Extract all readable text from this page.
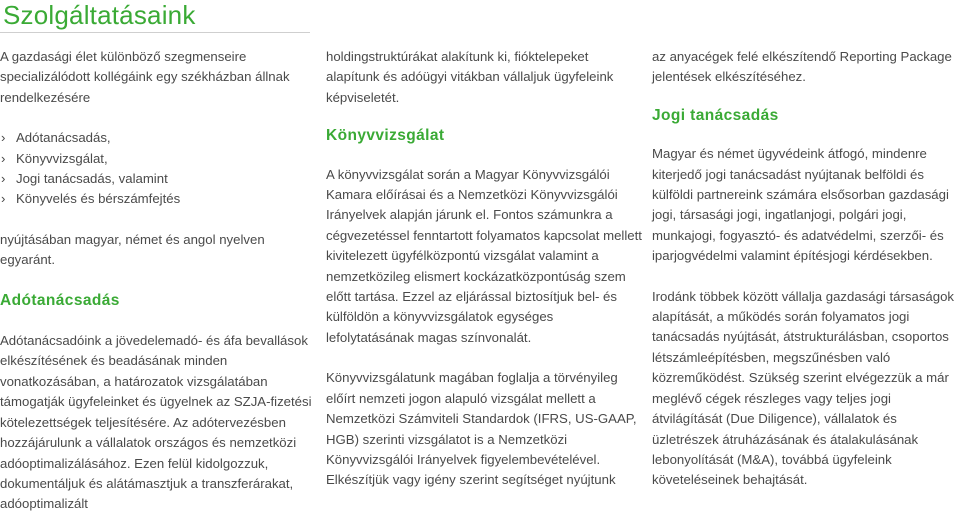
Szolgáltatásaink

A gazdasági élet különböző szegmenseire specializálódott kollégáink egy székházban állnak rendelkezésére

› Adótanácsadás,
› Könyvvizsgálat,
› Jogi tanácsadás, valamint
› Könyvelés és bérszámfejtés

nyújtásában magyar, német és angol nyelven egyaránt.

Adótanácsadás

Adótanácsadóink a jövedelemadó- és áfa bevallások elkészítésének és beadásának minden vonatkozásában, a határozatok vizsgálatában támogatják ügyfeleinket és ügyelnek az SZJA-fizetési kötelezettségek teljesítésére. Az adótervezésben hozzájárulunk a vállalatok országos és nemzetközi adóoptimalizálásához. Ezen felül kidolgozzuk, dokumentáljuk és alátámasztjuk a transzferárakat, adóoptimalizált

holdingstruktúrákat alakítunk ki, fióktelepeket alapítunk és adóügyi vitákban vállaljuk ügyfeleink képviseletét.

Könyvvizsgálat

A könyvvizsgálat során a Magyar Könyvvizsgálói Kamara előírásai és a Nemzetközi Könyvvizsgálói Irányelvek alapján járunk el. Fontos számunkra a cégvezetéssel fenntartott folyamatos kapcsolat mellett kivitelezett ügyfélközpontú vizsgálat valamint a nemzetközileg elismert kockázatközpontúság szem előtt tartása. Ezzel az eljárással biztosítjuk bel- és külföldön a könyvvizsgálatok egységes lefolytatásának magas színvonalát.

Könyvvizsgálatunk magában foglalja a törvényileg előírt nemzeti jogon alapuló vizsgálat mellett a Nemzetközi Számviteli Standardok (IFRS, US-GAAP, HGB) szerinti vizsgálatot is a Nemzetközi Könyvvizsgálói Irányelvek figyelembevételével. Elkészítjük vagy igény szerint segítséget nyújtunk

az anyacégek felé elkészítendő Reporting Package jelentések elkészítéséhez.

Jogi tanácsadás

Magyar és német ügyvédeink átfogó, mindenre kiterjedő jogi tanácsadást nyújtanak belföldi és külföldi partnereink számára elsősorban gazdasági jogi, társasági jogi, ingatlanjogi, polgári jogi, munkajogi, fogyasztó- és adatvédelmi, szerzői- és iparjogvédelmi valamint építésjogi kérdésekben.

Irodánk többek között vállalja gazdasági társaságok alapítását, a működés során folyamatos jogi tanácsadás nyújtását, átstrukturálásban, csoportos létszámleépítésben, megszűnésben való közreműködést. Szükség szerint elvégezzük a már meglévő cégek részleges vagy teljes jogi átvilágítását (Due Diligence), vállalatok és üzletrészek átruházásának és átalakulásának lebonyolítását (M&A), továbbá ügyfeleink követeléseinek behajtását.
